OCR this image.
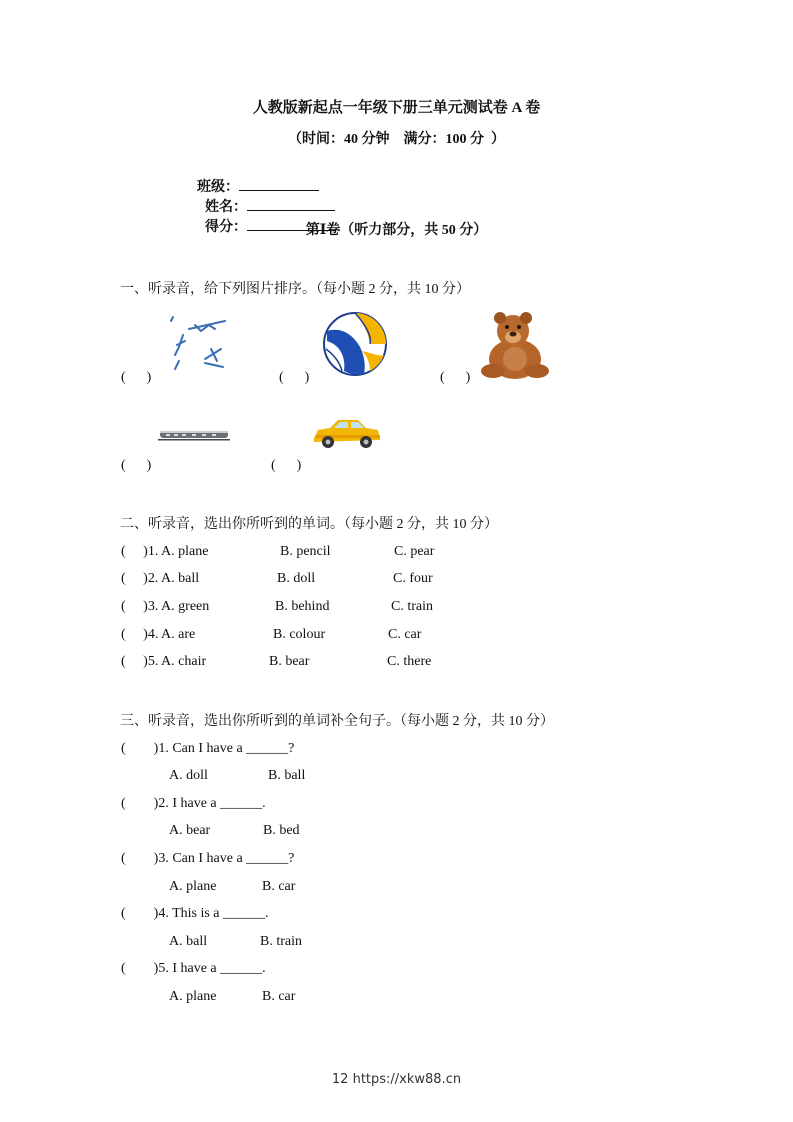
人教版新起点一年级下册三单元测试卷 A 卷
（时间：40 分钟    满分：100 分  ）

班级：
姓名：
得分：	第Ⅰ卷（听力部分，共 50 分）
一、听录音，给下列图片排序。（每小题 2 分，共 10 分）
(      )	(      )	(      )
(      )	(      )
二、听录音，选出你所听到的单词。（每小题 2 分，共 10 分）
(     )1. A. plane	B. pencil	C. pear
(     )2. A. ball	B. doll	C. four
(     )3. A. green	B. behind	C. train
(     )4. A. are	B. colour	C. car
(     )5. A. chair	B. bear	C. there
三、听录音，选出你所听到的单词补全句子。（每小题 2 分，共 10 分）
(        )1. Can I have a ______?
A. doll	B. ball
(        )2. I have a ______.
A. bear	B. bed
(        )3. Can I have a ______?
A. plane	B. car
(        )4. This is a ______.
A. ball	B. train
(        )5. I have a ______.
A. plane	B. car
12 https://xkw88.cn
